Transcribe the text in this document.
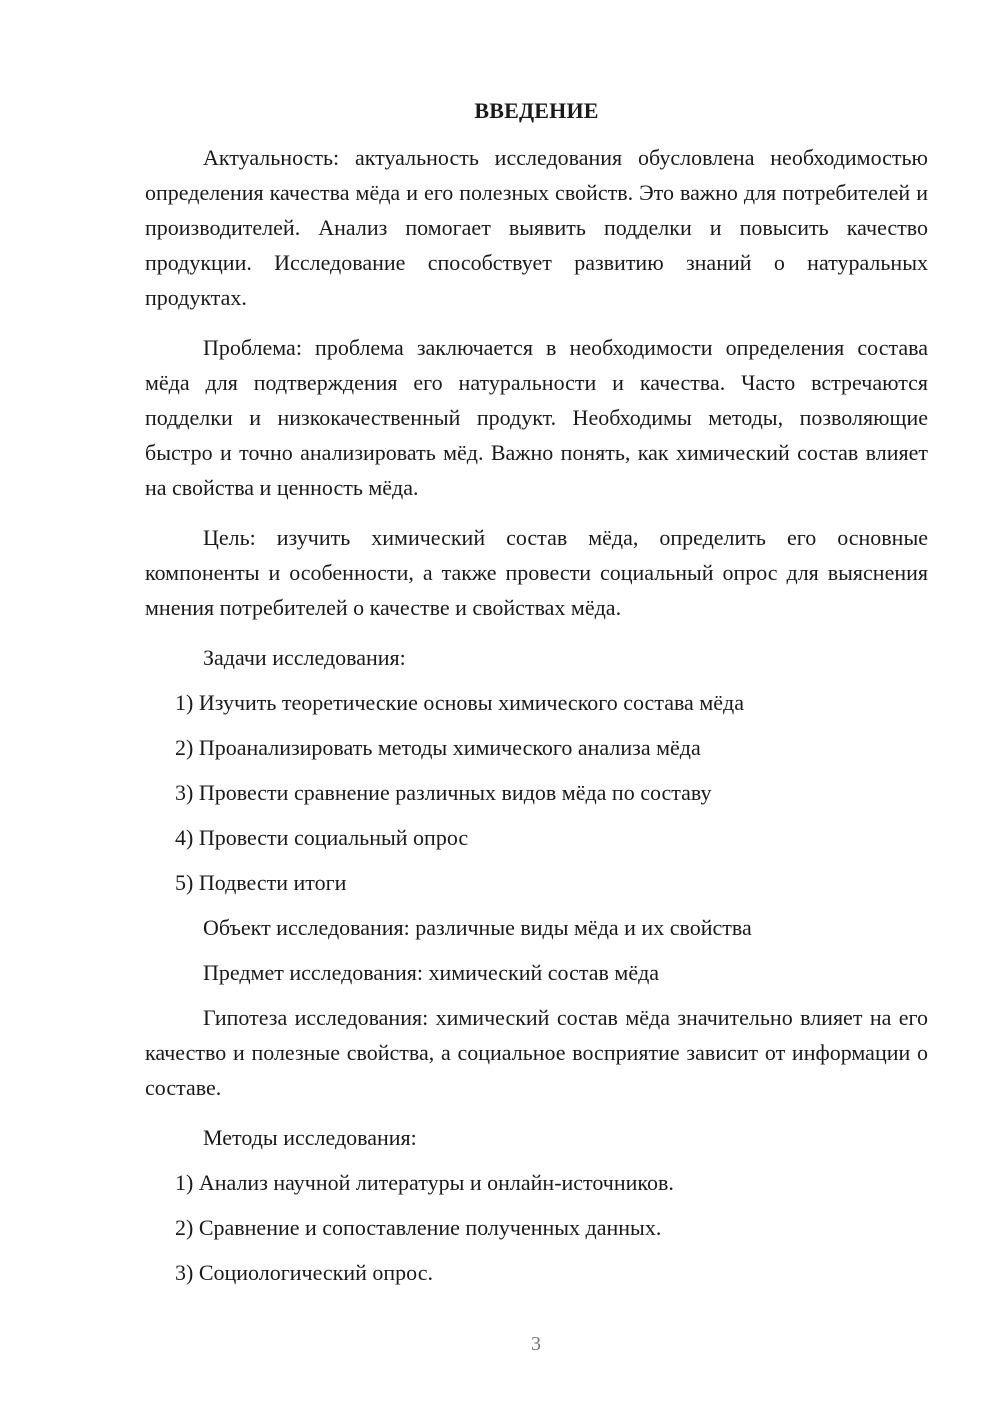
ВВЕДЕНИЕ

Актуальность: актуальность исследования обусловлена необходимостью определения качества мёда и его полезных свойств. Это важно для потребителей и производителей. Анализ помогает выявить подделки и повысить качество продукции. Исследование способствует развитию знаний о натуральных продуктах.

Проблема: проблема заключается в необходимости определения состава мёда для подтверждения его натуральности и качества. Часто встречаются подделки и низкокачественный продукт. Необходимы методы, позволяющие быстро и точно анализировать мёд. Важно понять, как химический состав влияет на свойства и ценность мёда.

Цель: изучить химический состав мёда, определить его основные компоненты и особенности, а также провести социальный опрос для выяснения мнения потребителей о качестве и свойствах мёда.

Задачи исследования:

1) Изучить теоретические основы химического состава мёда
2) Проанализировать методы химического анализа мёда
3) Провести сравнение различных видов мёда по составу
4) Провести социальный опрос
5) Подвести итоги

Объект исследования: различные виды мёда и их свойства

Предмет исследования: химический состав мёда

Гипотеза исследования: химический состав мёда значительно влияет на его качество и полезные свойства, а социальное восприятие зависит от информации о составе.

Методы исследования:

1) Анализ научной литературы и онлайн-источников.
2) Сравнение и сопоставление полученных данных.
3) Социологический опрос.
3
